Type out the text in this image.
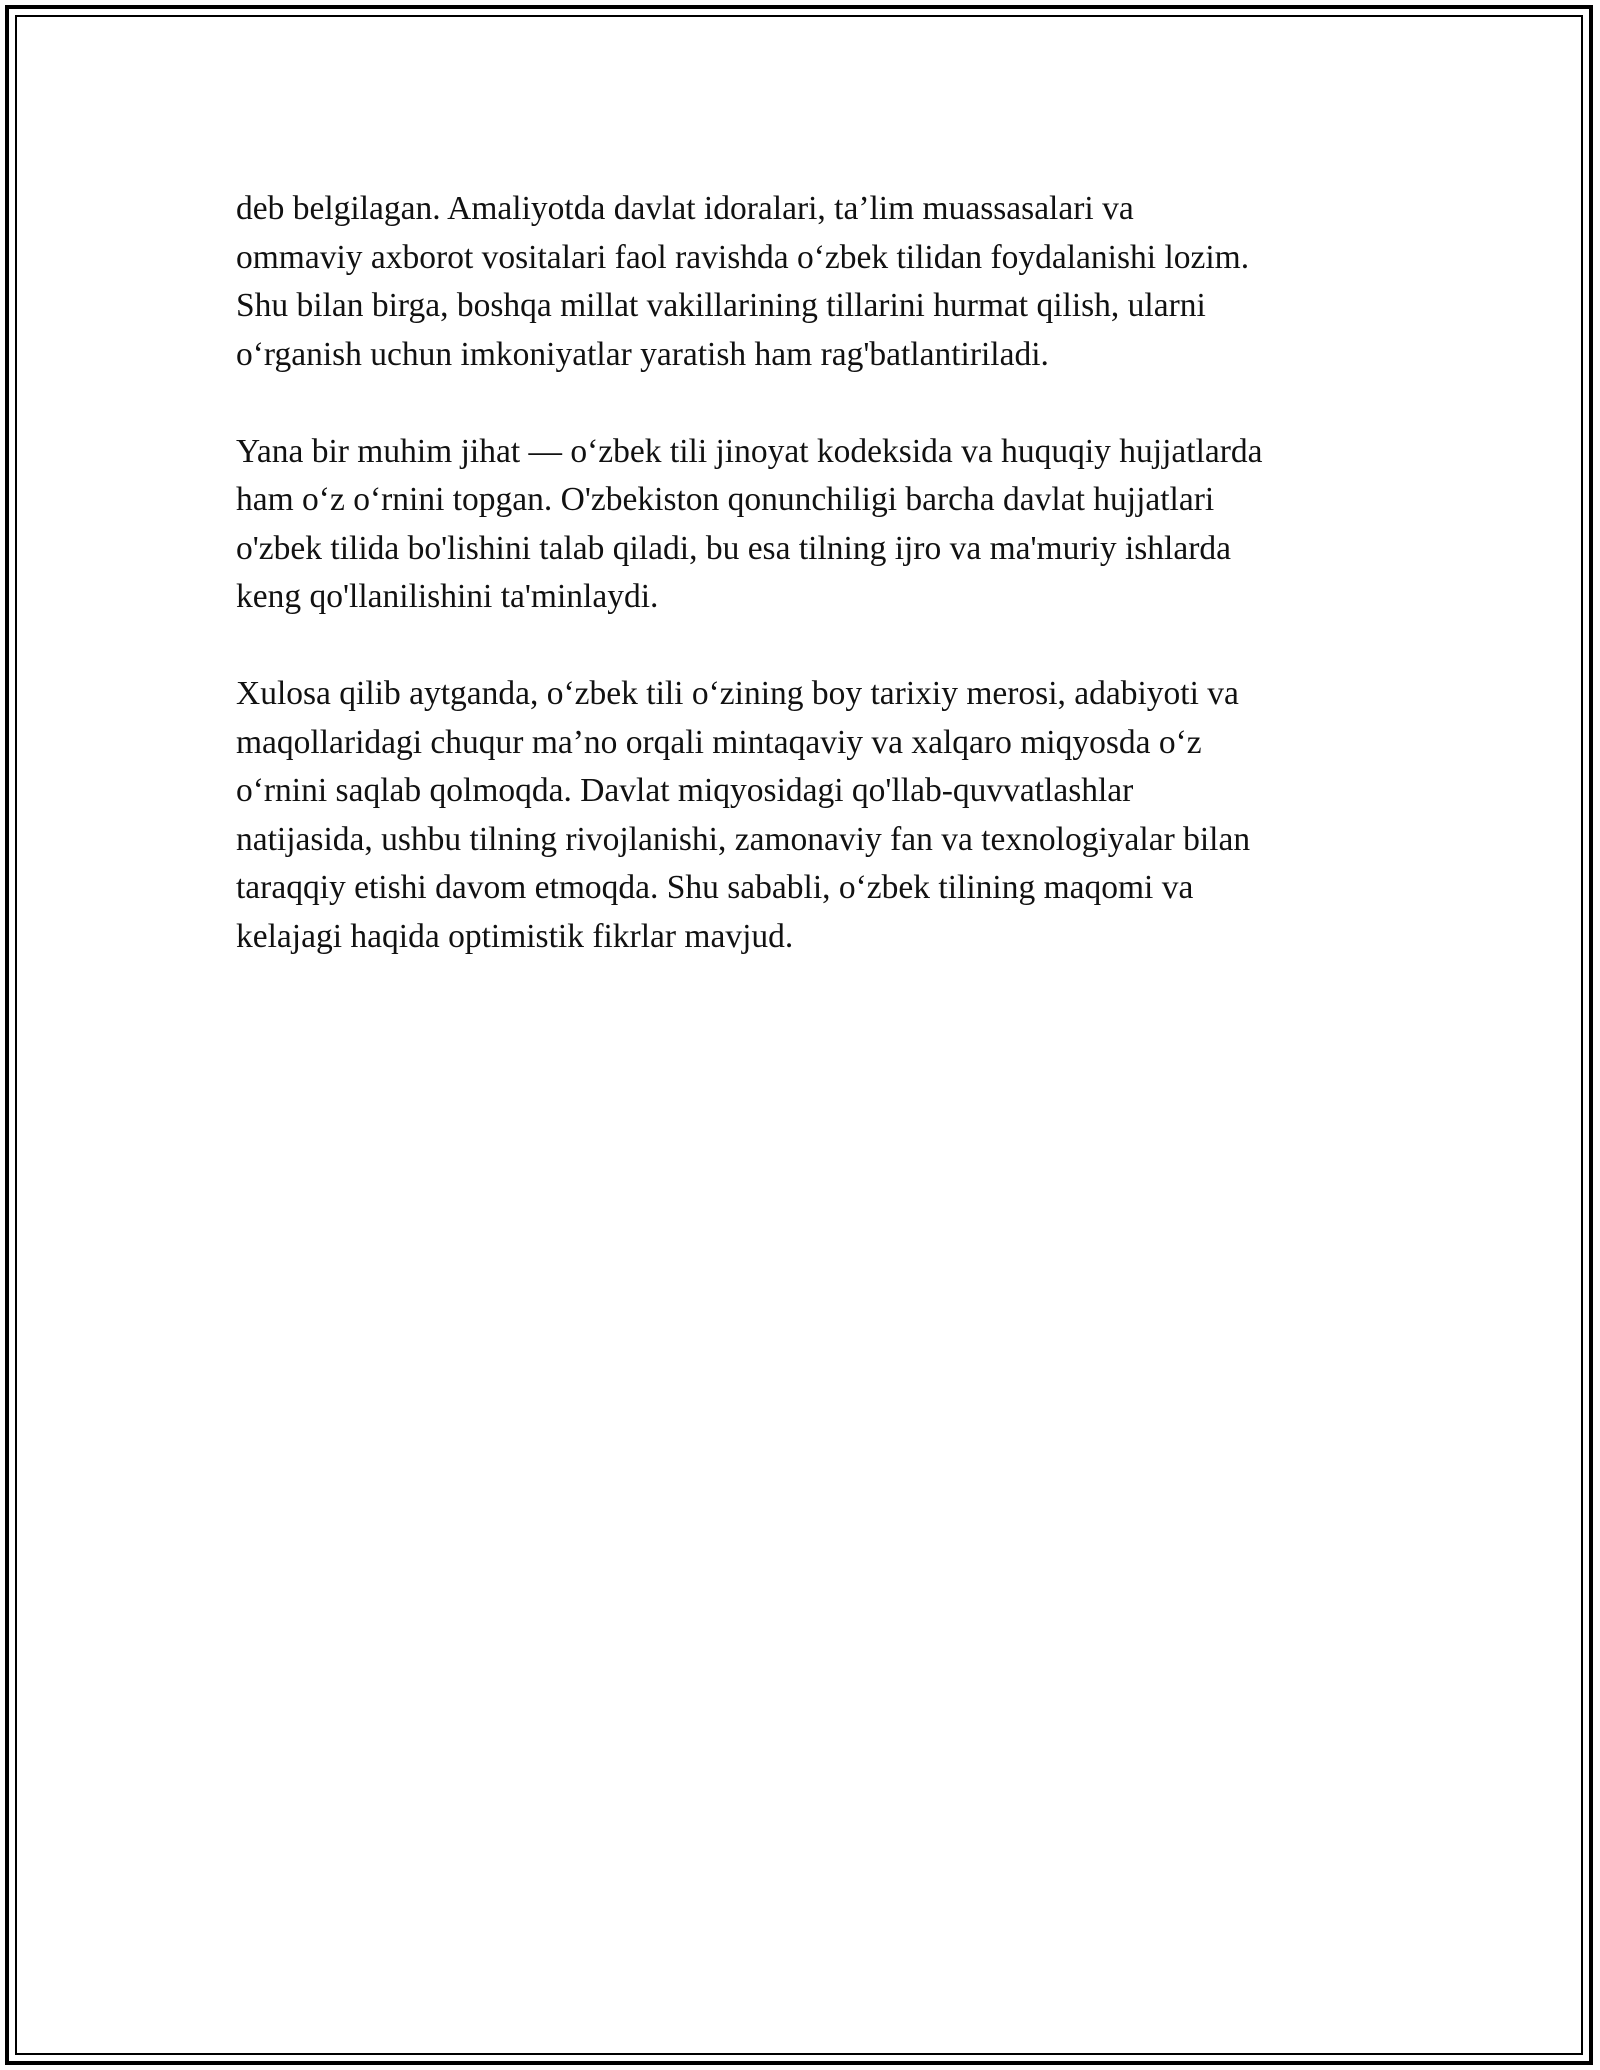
deb belgilagan. Amaliyotda davlat idoralari, ta’lim muassasalari va
ommaviy axborot vositalari faol ravishda o‘zbek tilidan foydalanishi lozim.
Shu bilan birga, boshqa millat vakillarining tillarini hurmat qilish, ularni
o‘rganish uchun imkoniyatlar yaratish ham rag'batlantiriladi.

Yana bir muhim jihat — o‘zbek tili jinoyat kodeksida va huquqiy hujjatlarda
ham o‘z o‘rnini topgan. O'zbekiston qonunchiligi barcha davlat hujjatlari
o'zbek tilida bo'lishini talab qiladi, bu esa tilning ijro va ma'muriy ishlarda
keng qo'llanilishini ta'minlaydi.

Xulosa qilib aytganda, o‘zbek tili o‘zining boy tarixiy merosi, adabiyoti va
maqollaridagi chuqur ma’no orqali mintaqaviy va xalqaro miqyosda o‘z
o‘rnini saqlab qolmoqda. Davlat miqyosidagi qo'llab-quvvatlashlar
natijasida, ushbu tilning rivojlanishi, zamonaviy fan va texnologiyalar bilan
taraqqiy etishi davom etmoqda. Shu sababli, o‘zbek tilining maqomi va
kelajagi haqida optimistik fikrlar mavjud.
